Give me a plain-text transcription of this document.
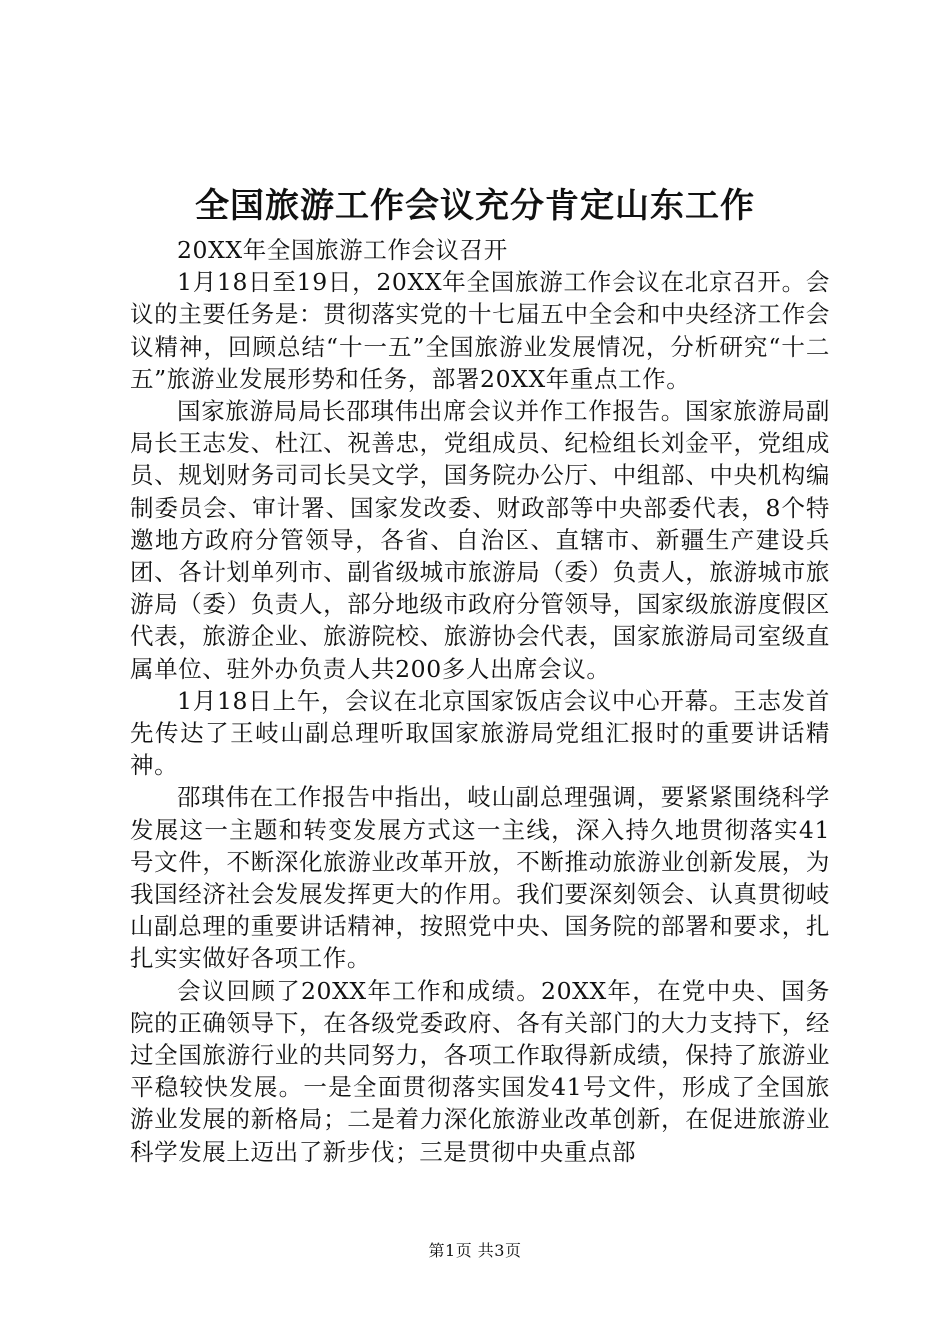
全国旅游工作会议充分肯定山东工作

20XX年全国旅游工作会议召开

1月18日至19日，20XX年全国旅游工作会议在北京召开。会议的主要任务是：贯彻落实党的十七届五中全会和中央经济工作会议精神，回顾总结“十一五”全国旅游业发展情况，分析研究“十二五”旅游业发展形势和任务，部署20XX年重点工作。

国家旅游局局长邵琪伟出席会议并作工作报告。国家旅游局副局长王志发、杜江、祝善忠，党组成员、纪检组长刘金平，党组成员、规划财务司司长吴文学，国务院办公厅、中组部、中央机构编制委员会、审计署、国家发改委、财政部等中央部委代表，8个特邀地方政府分管领导，各省、自治区、直辖市、新疆生产建设兵团、各计划单列市、副省级城市旅游局（委）负责人，旅游城市旅游局（委）负责人，部分地级市政府分管领导，国家级旅游度假区代表，旅游企业、旅游院校、旅游协会代表，国家旅游局司室级直属单位、驻外办负责人共200多人出席会议。

1月18日上午，会议在北京国家饭店会议中心开幕。王志发首先传达了王岐山副总理听取国家旅游局党组汇报时的重要讲话精神。

邵琪伟在工作报告中指出，岐山副总理强调，要紧紧围绕科学发展这一主题和转变发展方式这一主线，深入持久地贯彻落实41号文件，不断深化旅游业改革开放，不断推动旅游业创新发展，为我国经济社会发展发挥更大的作用。我们要深刻领会、认真贯彻岐山副总理的重要讲话精神，按照党中央、国务院的部署和要求，扎扎实实做好各项工作。

会议回顾了20XX年工作和成绩。20XX年，在党中央、国务院的正确领导下，在各级党委政府、各有关部门的大力支持下，经过全国旅游行业的共同努力，各项工作取得新成绩，保持了旅游业平稳较快发展。一是全面贯彻落实国发41号文件，形成了全国旅游业发展的新格局；二是着力深化旅游业改革创新，在促进旅游业科学发展上迈出了新步伐；三是贯彻中央重点部

第1页 共3页
